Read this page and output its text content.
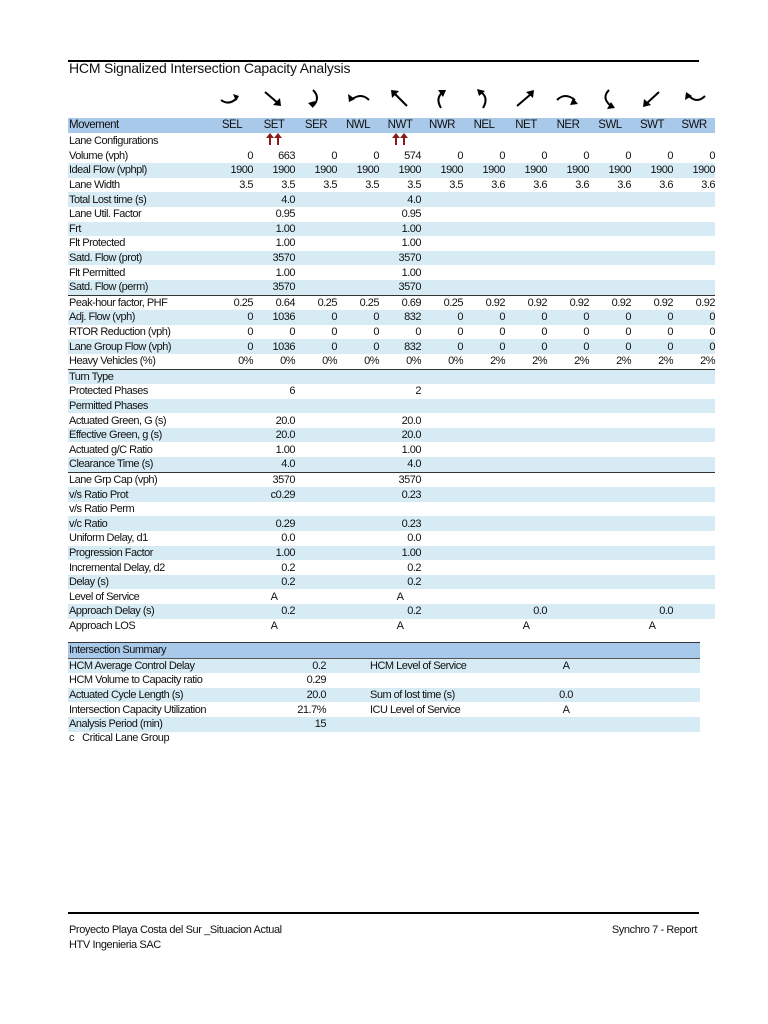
HCM Signalized Intersection Capacity Analysis
Movement	SEL	SET	SER	NWL	NWT	NWR	NEL	NET	NER	SWL	SWT	SWR
Lane Configurations												
Volume (vph)	0	663	0	0	574	0	0	0	0	0	0	0
Ideal Flow (vphpl)	1900	1900	1900	1900	1900	1900	1900	1900	1900	1900	1900	1900
Lane Width	3.5	3.5	3.5	3.5	3.5	3.5	3.6	3.6	3.6	3.6	3.6	3.6
Total Lost time (s)		4.0			4.0							
Lane Util. Factor		0.95			0.95							
Frt		1.00			1.00							
Flt Protected		1.00			1.00							
Satd. Flow (prot)		3570			3570							
Flt Permitted		1.00			1.00							
Satd. Flow (perm)		3570			3570							
Peak-hour factor, PHF	0.25	0.64	0.25	0.25	0.69	0.25	0.92	0.92	0.92	0.92	0.92	0.92
Adj. Flow (vph)	0	1036	0	0	832	0	0	0	0	0	0	0
RTOR Reduction (vph)	0	0	0	0	0	0	0	0	0	0	0	0
Lane Group Flow (vph)	0	1036	0	0	832	0	0	0	0	0	0	0
Heavy Vehicles (%)	0%	0%	0%	0%	0%	0%	2%	2%	2%	2%	2%	2%
Turn Type												
Protected Phases		6			2							
Permitted Phases												
Actuated Green, G (s)		20.0			20.0							
Effective Green, g (s)		20.0			20.0							
Actuated g/C Ratio		1.00			1.00							
Clearance Time (s)		4.0			4.0							
Lane Grp Cap (vph)		3570			3570							
v/s Ratio Prot		c0.29			0.23							
v/s Ratio Perm												
v/c Ratio		0.29			0.23							
Uniform Delay, d1		0.0			0.0							
Progression Factor		1.00			1.00							
Incremental Delay, d2		0.2			0.2							
Delay (s)		0.2			0.2							
Level of Service		A			A							
Approach Delay (s)		0.2			0.2			0.0			0.0	
Approach LOS		A			A			A			A	
Intersection Summary					
HCM Average Control Delay	0.2		HCM Level of Service	A	
HCM Volume to Capacity ratio	0.29				
Actuated Cycle Length (s)	20.0		Sum of lost time (s)	0.0	
Intersection Capacity Utilization	21.7%		ICU Level of Service	A	
Analysis Period (min)	15				
c Critical Lane Group
Proyecto Playa Costa del Sur _Situacion Actual
HTV Ingenieria SAC
Synchro 7 - Report
